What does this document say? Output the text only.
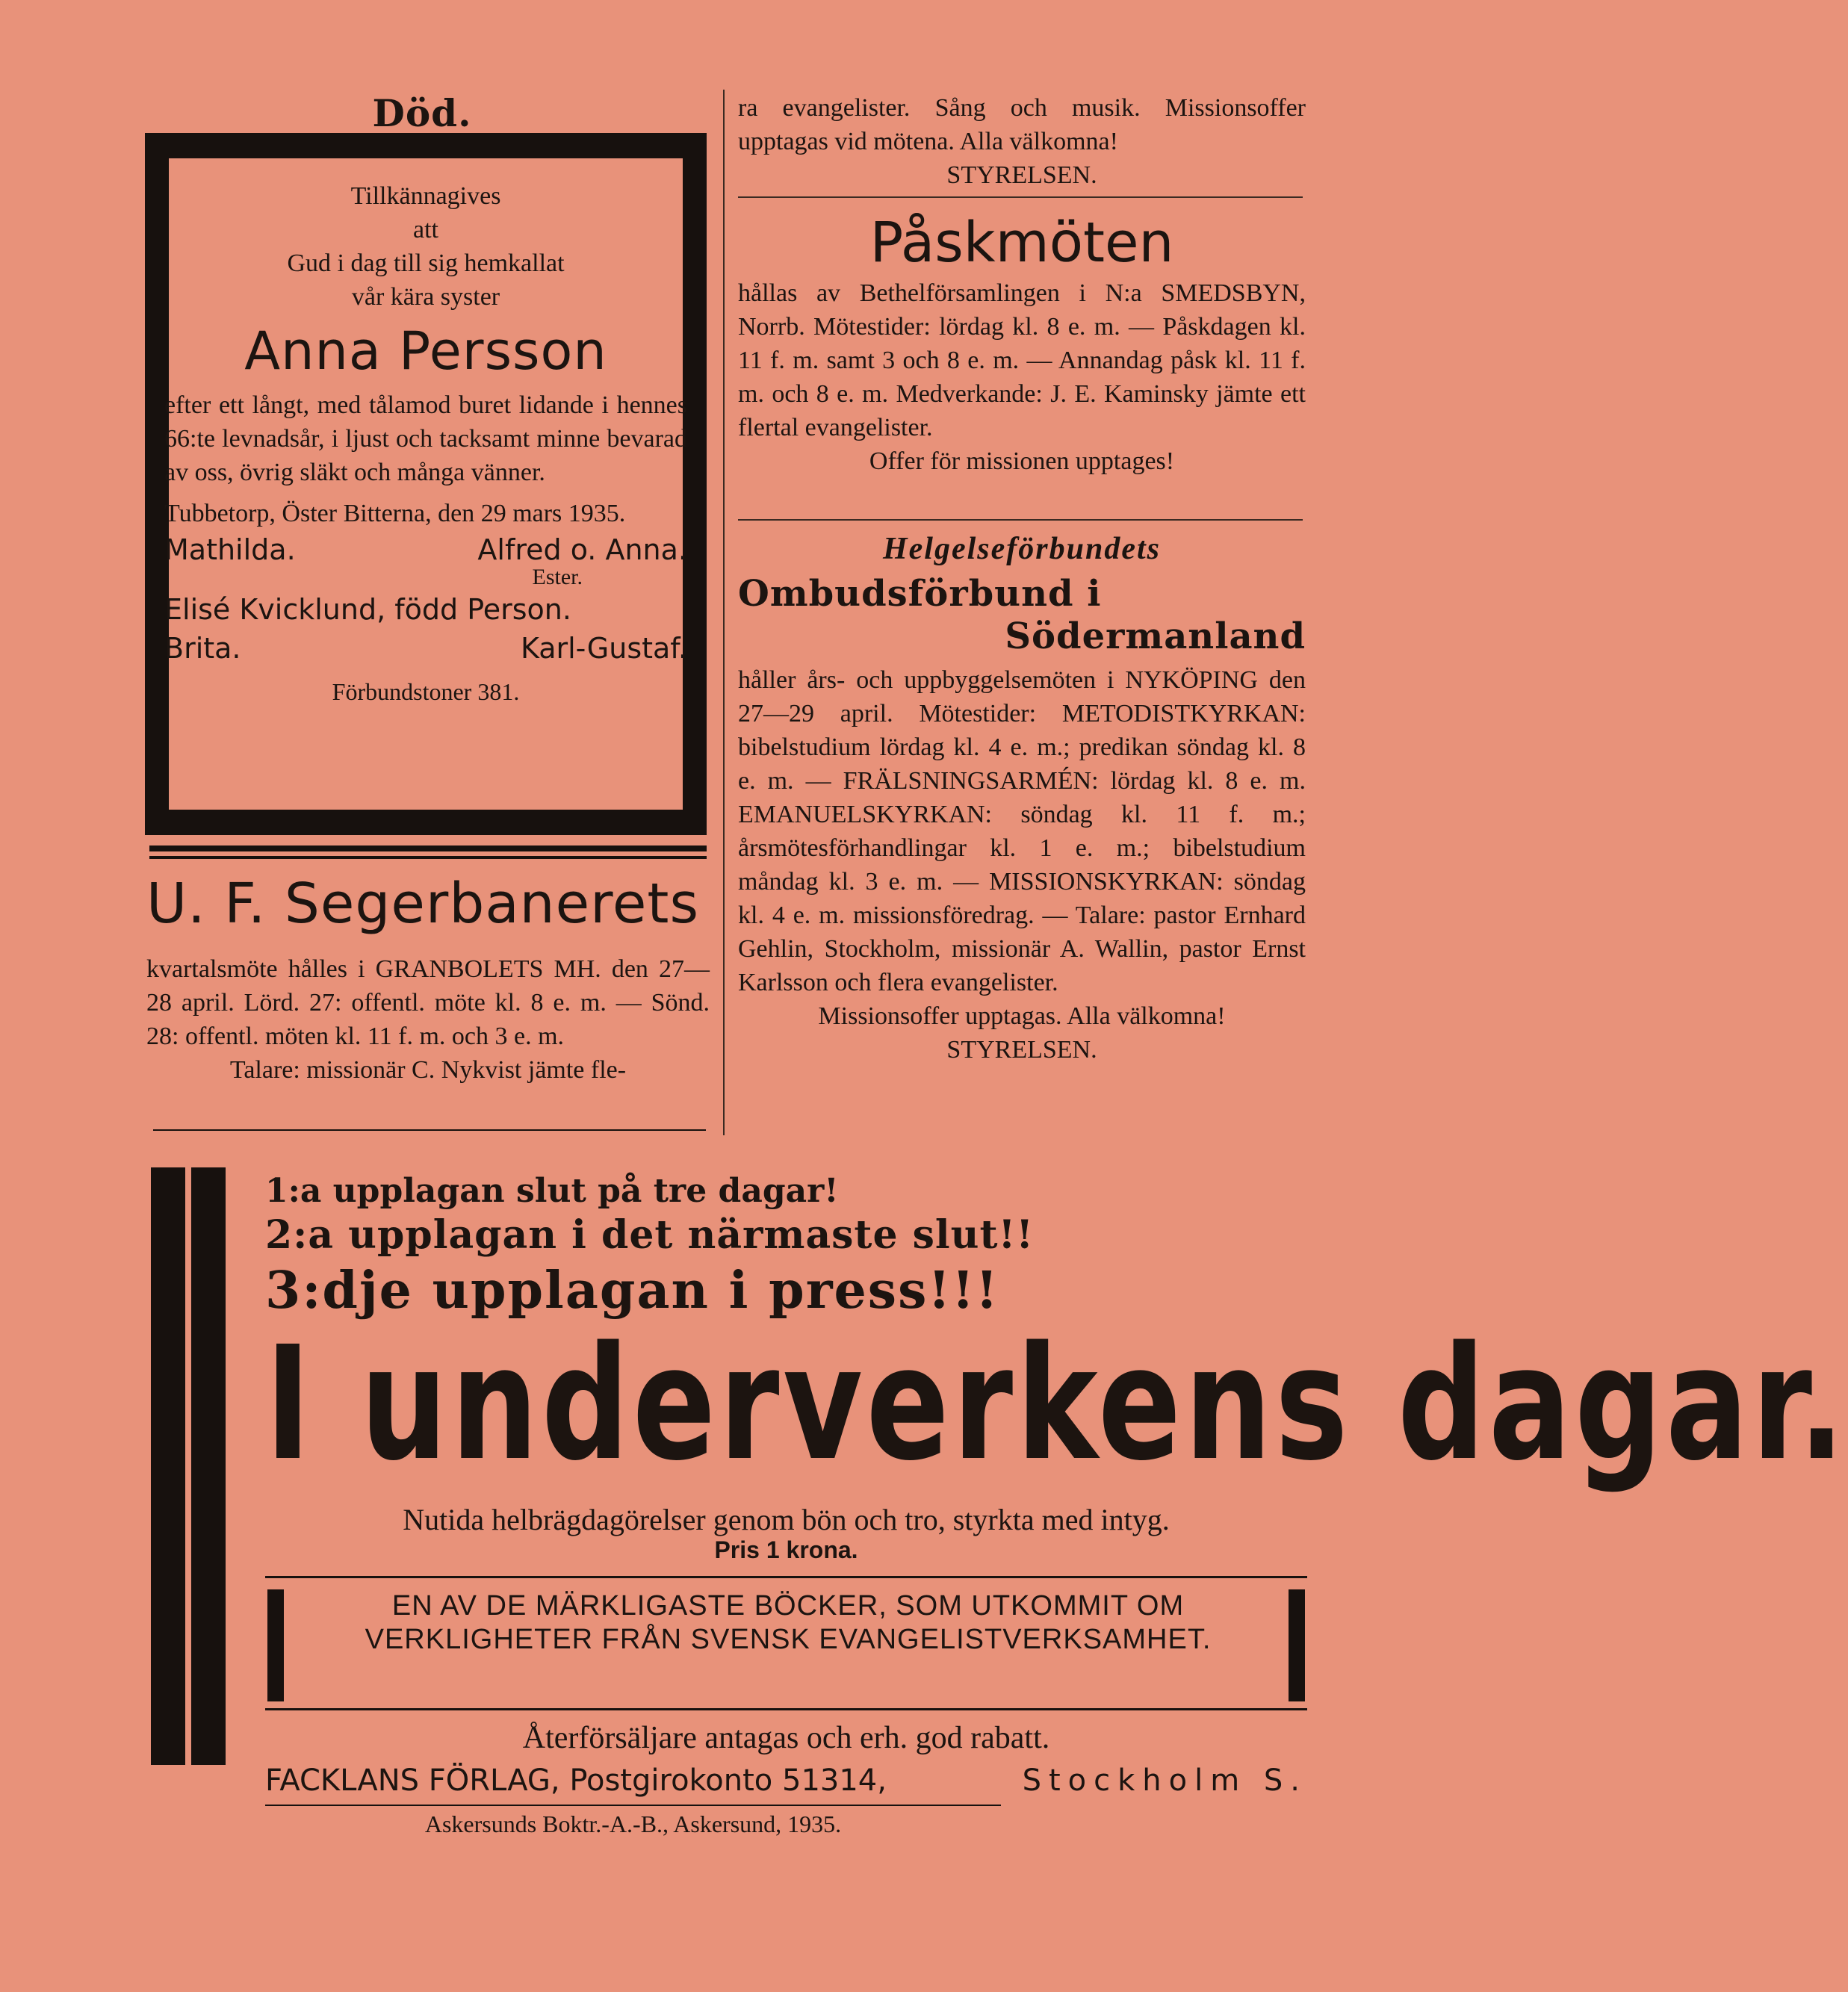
Död.
Tillkännagives
att
Gud i dag till sig hemkallat
vår kära syster
Anna Persson
efter ett långt, med tålamod buret lidande i hennes 66:te levnadsår, i ljust och tacksamt minne bevarad av oss, övrig släkt och många vänner.
Tubbetorp, Öster Bitterna, den 29 mars 1935.
Mathilda.	Alfred o. Anna.
Ester.
Elisé Kvicklund, född Person.
Brita.	Karl-Gustaf.
Förbundstoner 381.
U. F. Segerbanerets
kvartalsmöte hålles i GRANBOLETS MH. den 27—28 april. Lörd. 27: offentl. möte kl. 8 e. m. — Sönd. 28: offentl. möten kl. 11 f. m. och 3 e. m.
Talare: missionär C. Nykvist jämte fle-
ra evangelister. Sång och musik. Missionsoffer upptagas vid mötena. Alla välkomna!
STYRELSEN.
Påskmöten
hållas av Bethelförsamlingen i N:a SMEDSBYN, Norrb. Mötestider: lördag kl. 8 e. m. — Påskdagen kl. 11 f. m. samt 3 och 8 e. m. — Annandag påsk kl. 11 f. m. och 8 e. m. Medverkande: J. E. Kaminsky jämte ett flertal evangelister.
Offer för missionen upptages!
Helgelseförbundets
Ombudsförbund i
Södermanland
håller års- och uppbyggelsemöten i NYKÖPING den 27—29 april. Mötestider: METODISTKYRKAN: bibelstudium lördag kl. 4 e. m.; predikan söndag kl. 8 e. m. — FRÄLSNINGSARMÉN: lördag kl. 8 e. m. EMANUELSKYRKAN: söndag kl. 11 f. m.; årsmötesförhandlingar kl. 1 e. m.; bibelstudium måndag kl. 3 e. m. — MISSIONSKYRKAN: söndag kl. 4 e. m. missionsföredrag. — Talare: pastor Ernhard Gehlin, Stockholm, missionär A. Wallin, pastor Ernst Karlsson och flera evangelister.
Missionsoffer upptagas. Alla välkomna!
STYRELSEN.
1:a upplagan slut på tre dagar!
2:a upplagan i det närmaste slut!!
3:dje upplagan i press!!!
I underverkens dagar.
Nutida helbrägdagörelser genom bön och tro, styrkta med intyg.
Pris 1 krona.
EN AV DE MÄRKLIGASTE BÖCKER, SOM UTKOMMIT OM VERKLIGHETER FRÅN SVENSK EVANGELISTVERKSAMHET.
Återförsäljare antagas och erh. god rabatt.
FACKLANS FÖRLAG, Postgirokonto 51314,	Stockholm S.
Askersunds Boktr.-A.-B., Askersund, 1935.
